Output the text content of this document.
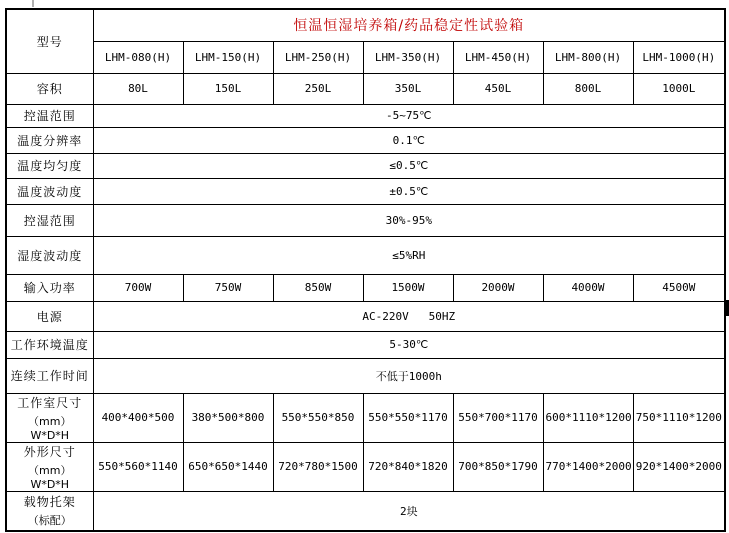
型号	恒温恒湿培养箱/药品稳定性试验箱						
	LHM-080(H)	LHM-150(H)	LHM-250(H)	LHM-350(H)	LHM-450(H)	LHM-800(H)	LHM-1000(H)
容积	80L	150L	250L	350L	450L	800L	1000L
控温范围	-5~75℃						
温度分辨率	0.1℃						
温度均匀度	≤0.5℃						
温度波动度	±0.5℃						
控湿范围	30%-95%						
湿度波动度	≤5%RH						
输入功率	700W	750W	850W	1500W	2000W	4000W	4500W
电源	AC-220V   50HZ						
工作环境温度	5-30℃						
连续工作时间	不低于1000h						

工作室尺寸
（mm）W*D*H	400*400*500	380*500*800	550*550*850	550*550*1170	550*700*1170	600*1110*1200	750*1110*1200

外形尺寸
（mm）W*D*H	550*560*1140	650*650*1440	720*780*1500	720*840*1820	700*850*1790	770*1400*2000	920*1400*2000

载物托架
（标配）	2块						
